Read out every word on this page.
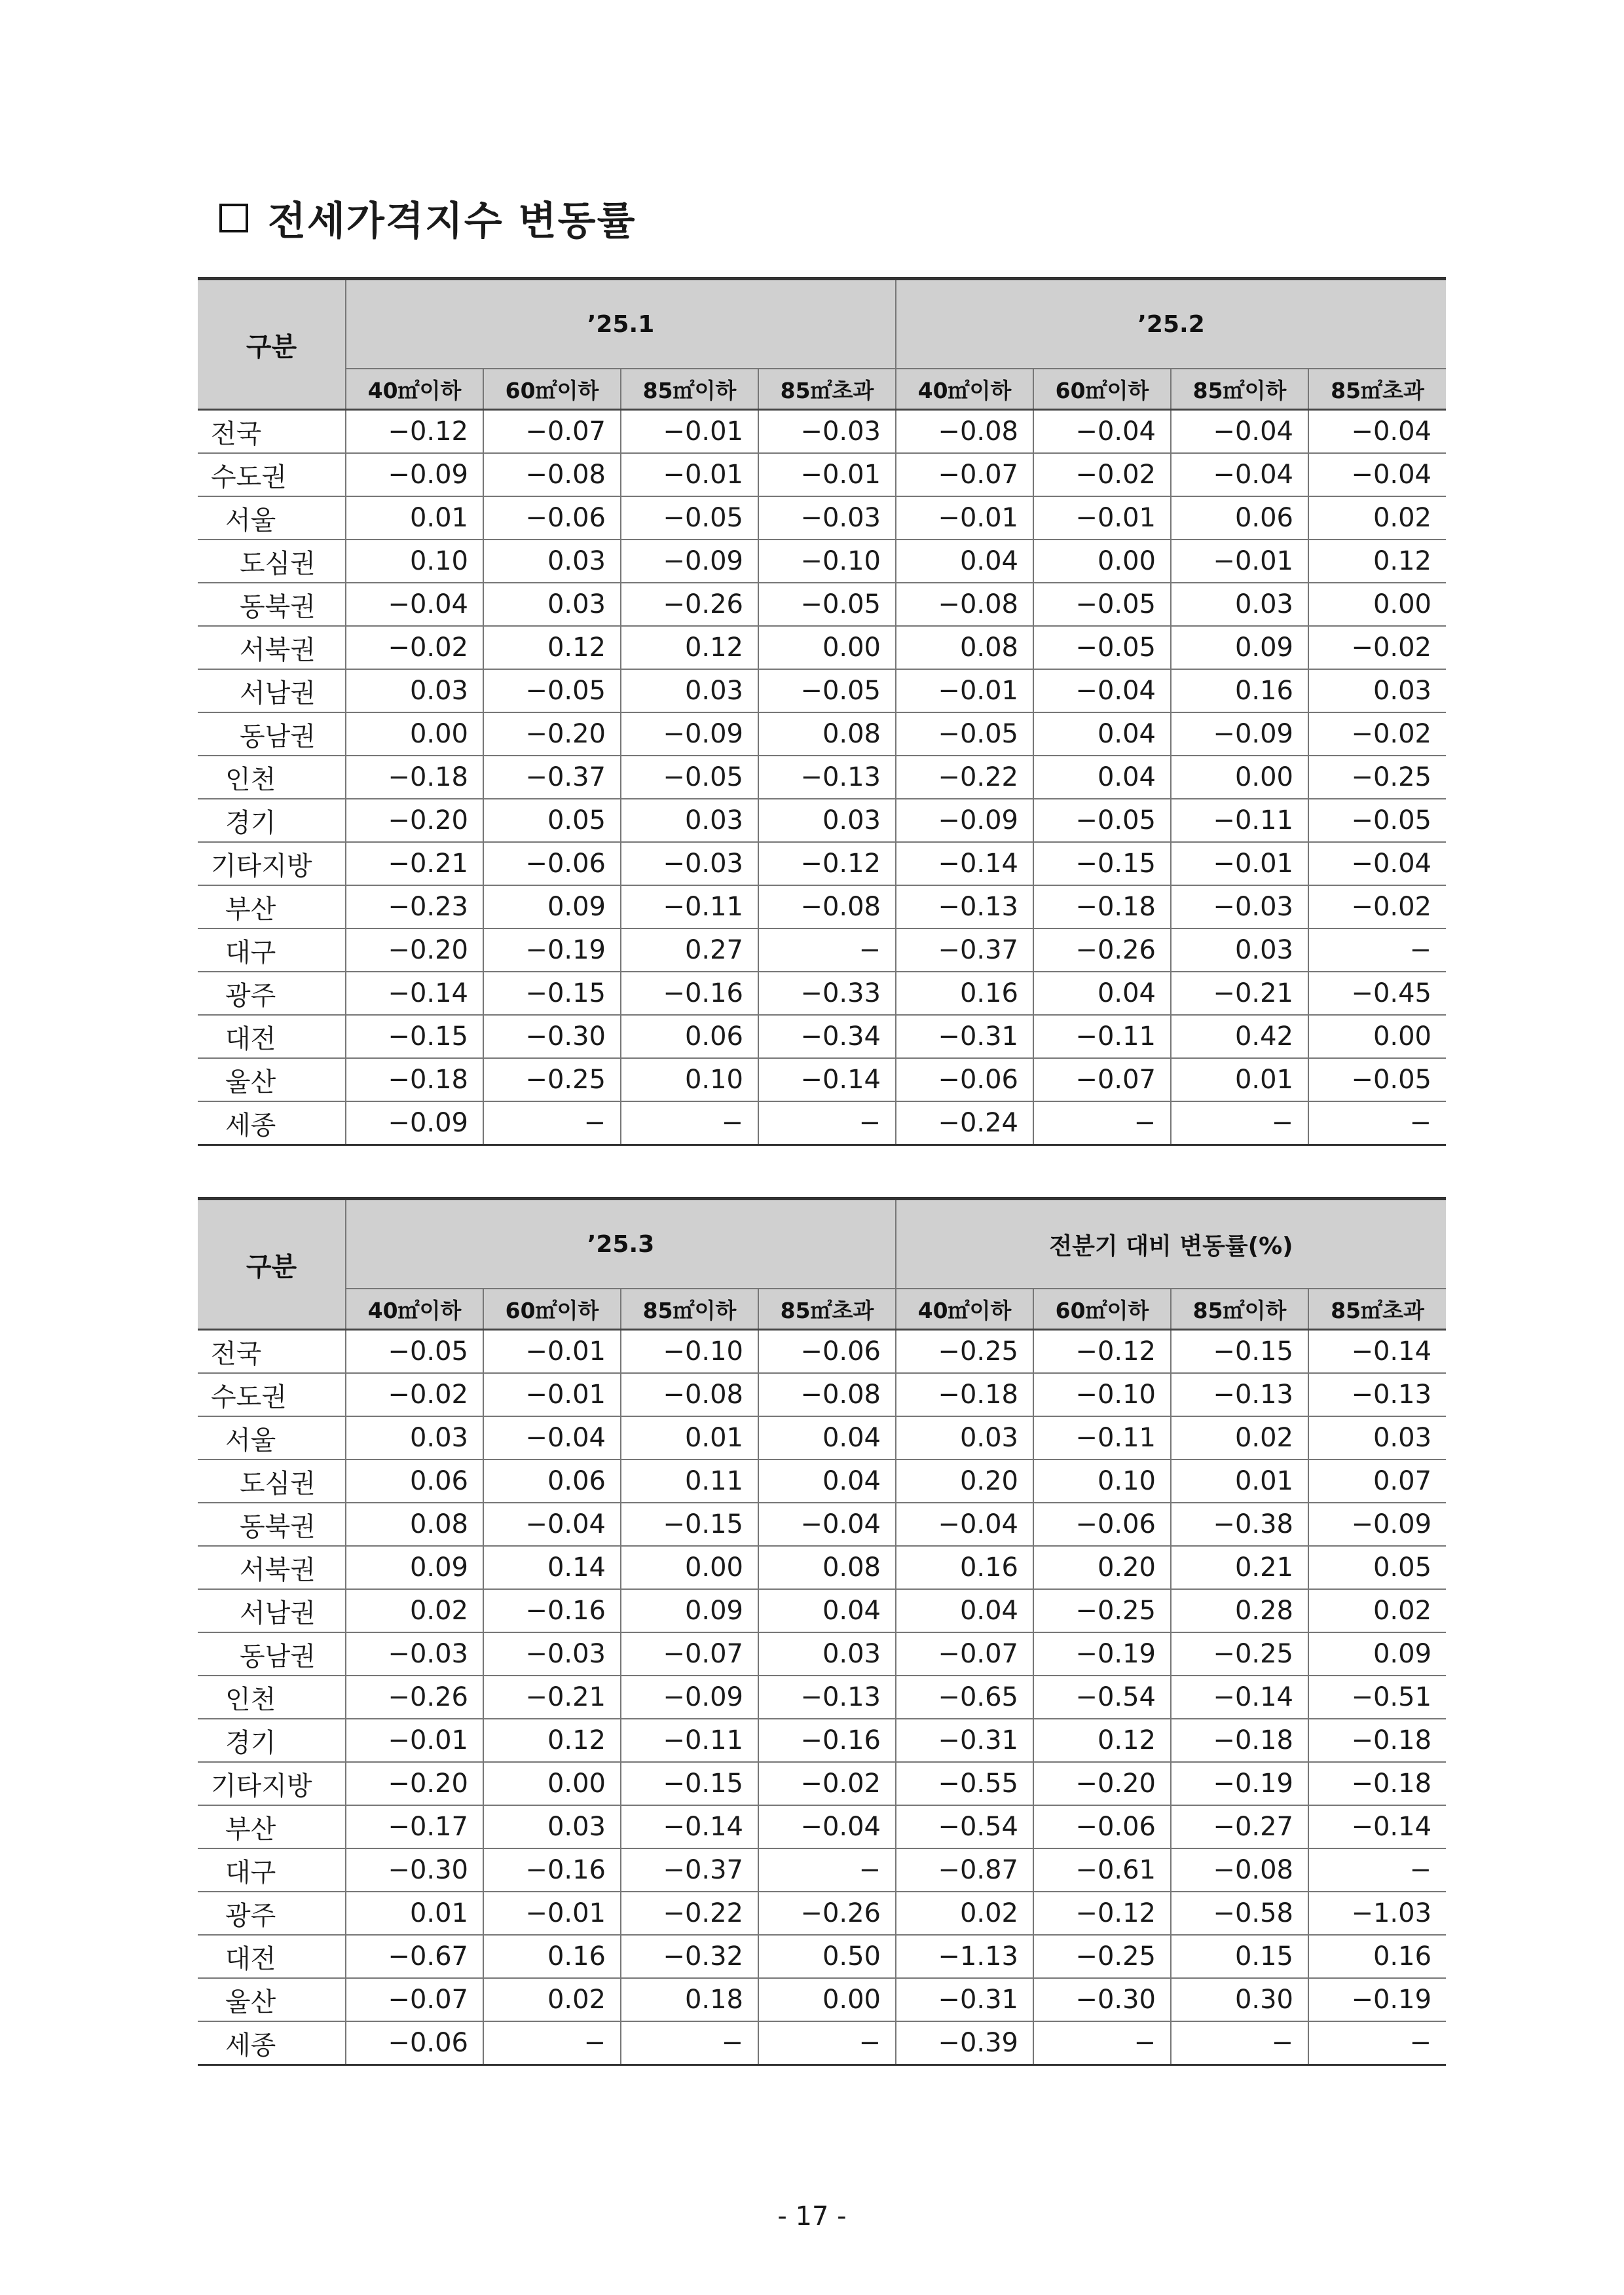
전세가격지수 변동률
구분	’25.1				’25.2			
	40㎡이하	60㎡이하	85㎡이하	85㎡초과	40㎡이하	60㎡이하	85㎡이하	85㎡초과
전국	−0.12	−0.07	−0.01	−0.03	−0.08	−0.04	−0.04	−0.04
수도권	−0.09	−0.08	−0.01	−0.01	−0.07	−0.02	−0.04	−0.04
서울	0.01	−0.06	−0.05	−0.03	−0.01	−0.01	0.06	0.02
도심권	0.10	0.03	−0.09	−0.10	0.04	0.00	−0.01	0.12
동북권	−0.04	0.03	−0.26	−0.05	−0.08	−0.05	0.03	0.00
서북권	−0.02	0.12	0.12	0.00	0.08	−0.05	0.09	−0.02
서남권	0.03	−0.05	0.03	−0.05	−0.01	−0.04	0.16	0.03
동남권	0.00	−0.20	−0.09	0.08	−0.05	0.04	−0.09	−0.02
인천	−0.18	−0.37	−0.05	−0.13	−0.22	0.04	0.00	−0.25
경기	−0.20	0.05	0.03	0.03	−0.09	−0.05	−0.11	−0.05
기타지방	−0.21	−0.06	−0.03	−0.12	−0.14	−0.15	−0.01	−0.04
부산	−0.23	0.09	−0.11	−0.08	−0.13	−0.18	−0.03	−0.02
대구	−0.20	−0.19	0.27	−	−0.37	−0.26	0.03	−
광주	−0.14	−0.15	−0.16	−0.33	0.16	0.04	−0.21	−0.45
대전	−0.15	−0.30	0.06	−0.34	−0.31	−0.11	0.42	0.00
울산	−0.18	−0.25	0.10	−0.14	−0.06	−0.07	0.01	−0.05
세종	−0.09	−	−	−	−0.24	−	−	−
구분	’25.3				전분기 대비 변동률(%)			
	40㎡이하	60㎡이하	85㎡이하	85㎡초과	40㎡이하	60㎡이하	85㎡이하	85㎡초과
전국	−0.05	−0.01	−0.10	−0.06	−0.25	−0.12	−0.15	−0.14
수도권	−0.02	−0.01	−0.08	−0.08	−0.18	−0.10	−0.13	−0.13
서울	0.03	−0.04	0.01	0.04	0.03	−0.11	0.02	0.03
도심권	0.06	0.06	0.11	0.04	0.20	0.10	0.01	0.07
동북권	0.08	−0.04	−0.15	−0.04	−0.04	−0.06	−0.38	−0.09
서북권	0.09	0.14	0.00	0.08	0.16	0.20	0.21	0.05
서남권	0.02	−0.16	0.09	0.04	0.04	−0.25	0.28	0.02
동남권	−0.03	−0.03	−0.07	0.03	−0.07	−0.19	−0.25	0.09
인천	−0.26	−0.21	−0.09	−0.13	−0.65	−0.54	−0.14	−0.51
경기	−0.01	0.12	−0.11	−0.16	−0.31	0.12	−0.18	−0.18
기타지방	−0.20	0.00	−0.15	−0.02	−0.55	−0.20	−0.19	−0.18
부산	−0.17	0.03	−0.14	−0.04	−0.54	−0.06	−0.27	−0.14
대구	−0.30	−0.16	−0.37	−	−0.87	−0.61	−0.08	−
광주	0.01	−0.01	−0.22	−0.26	0.02	−0.12	−0.58	−1.03
대전	−0.67	0.16	−0.32	0.50	−1.13	−0.25	0.15	0.16
울산	−0.07	0.02	0.18	0.00	−0.31	−0.30	0.30	−0.19
세종	−0.06	−	−	−	−0.39	−	−	−
- 17 -
